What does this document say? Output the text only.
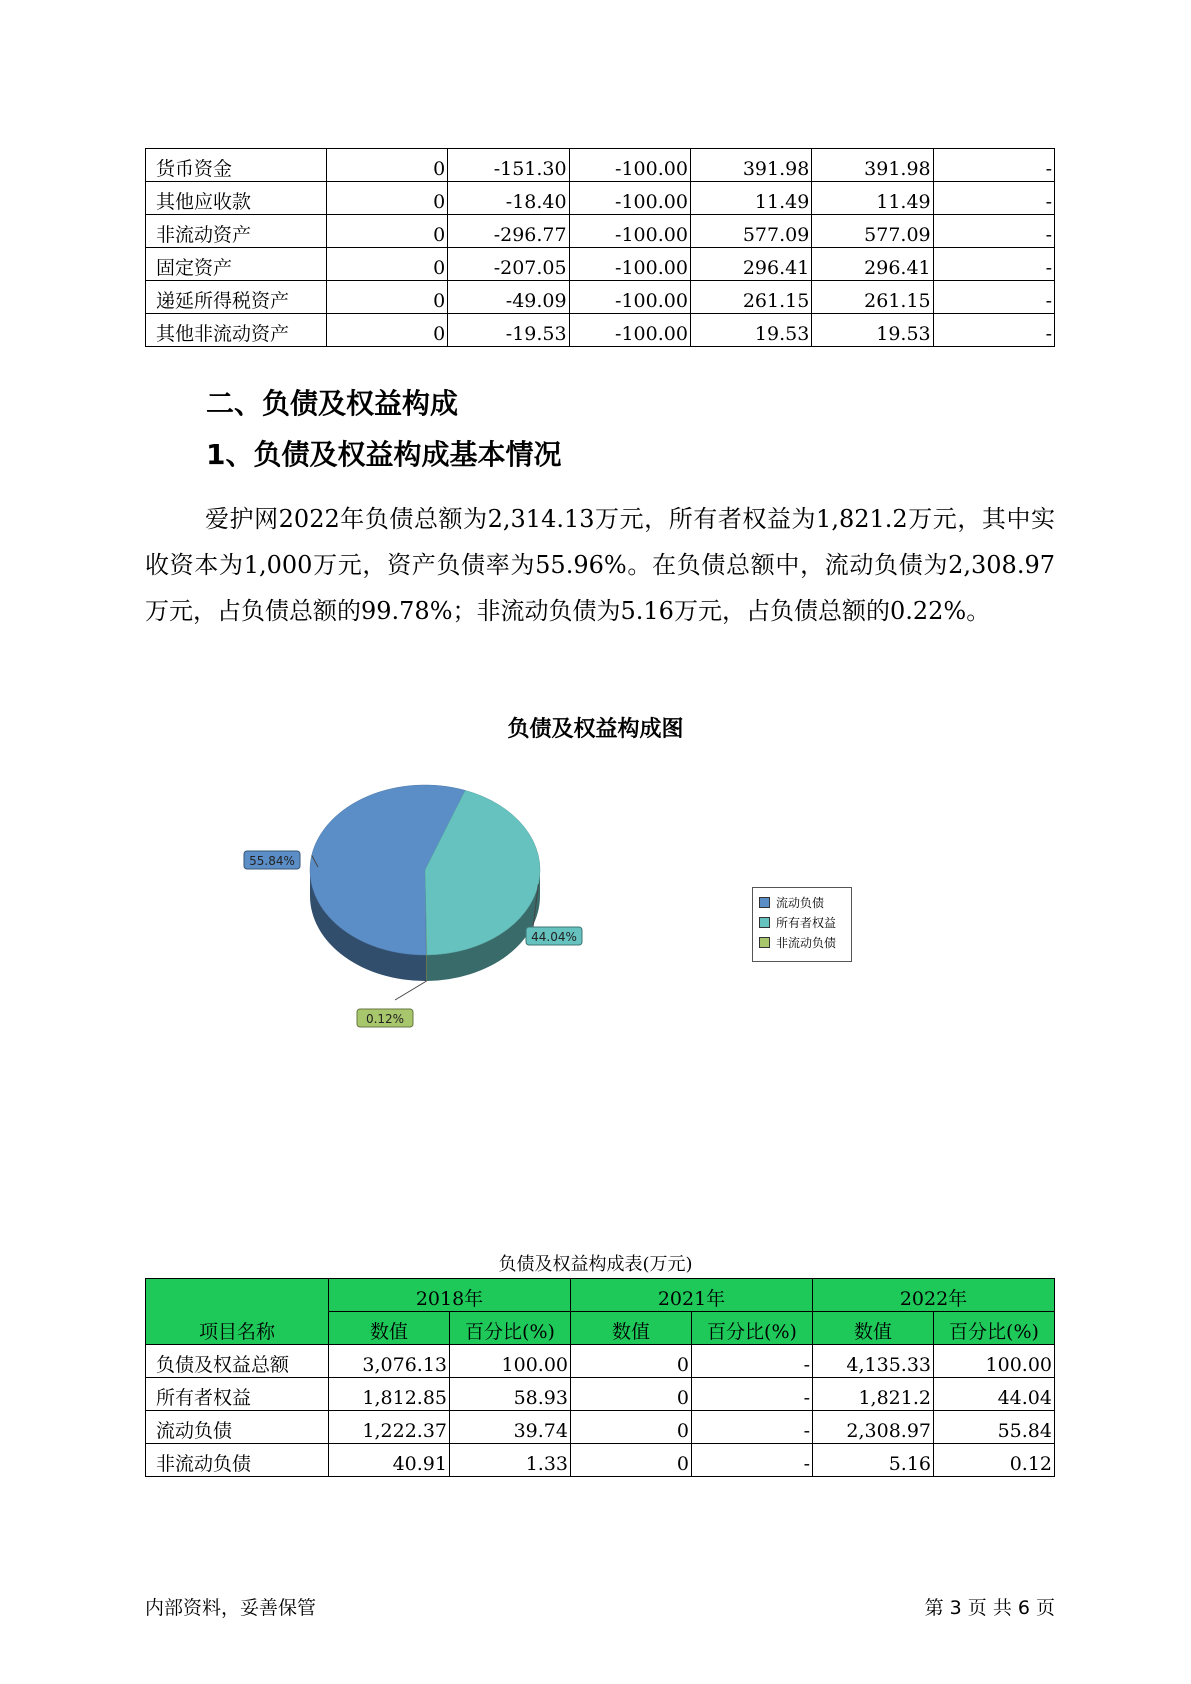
货币资金	0	-151.30	-100.00	391.98	391.98	-
其他应收款	0	-18.40	-100.00	11.49	11.49	-
非流动资产	0	-296.77	-100.00	577.09	577.09	-
固定资产	0	-207.05	-100.00	296.41	296.41	-
递延所得税资产	0	-49.09	-100.00	261.15	261.15	-
其他非流动资产	0	-19.53	-100.00	19.53	19.53	-
二、负债及权益构成
1、负债及权益构成基本情况

爱护网2022年负债总额为2,314.13万元，所有者权益为1,821.2万元，其中实收资本为1,000万元，资产负债率为55.96%。在负债总额中，流动负债为2,308.97万元，占负债总额的99.78%；非流动负债为5.16万元，占负债总额的0.22%。

负债及权益构成图
0.12%
55.84%
44.04%
流动负债
所有者权益
非流动负债
负债及权益构成表(万元)
项目名称	2018年		2021年		2022年	
	数值	百分比(%)	数值	百分比(%)	数值	百分比(%)
负债及权益总额	3,076.13	100.00	0	-	4,135.33	100.00
所有者权益	1,812.85	58.93	0	-	1,821.2	44.04
流动负债	1,222.37	39.74	0	-	2,308.97	55.84
非流动负债	40.91	1.33	0	-	5.16	0.12
内部资料，妥善保管	第 3 页 共 6 页
